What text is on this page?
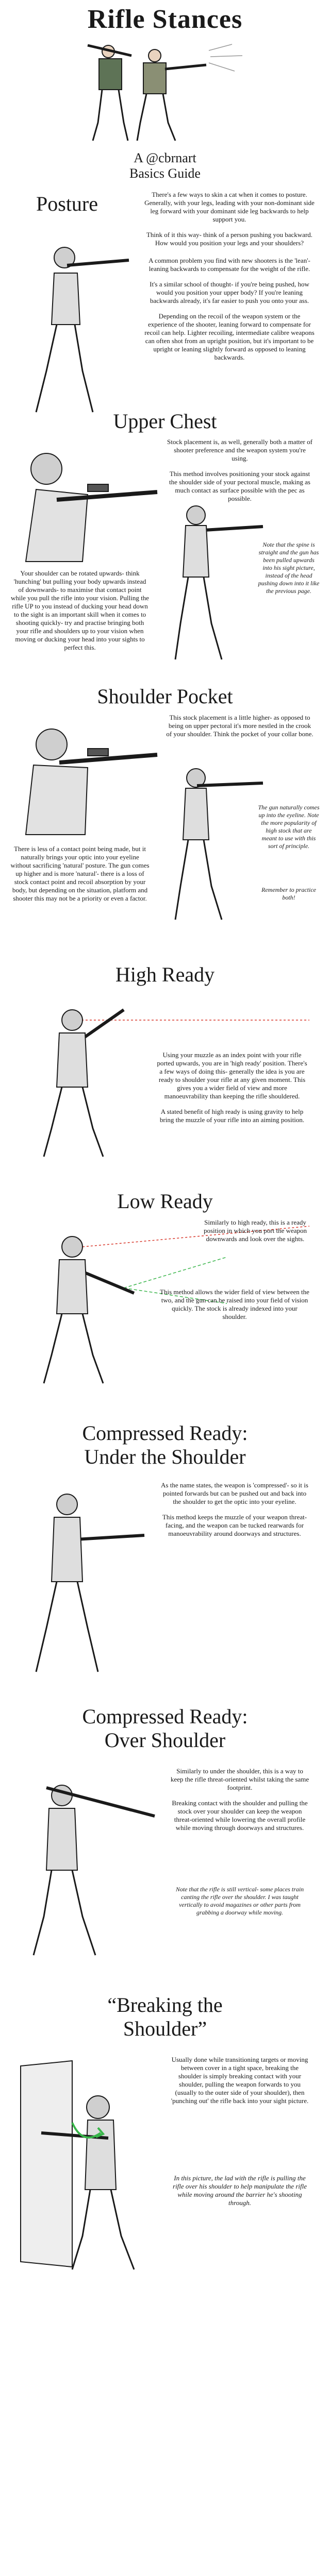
Rifle Stances
A @cbrnart
Basics Guide
Posture	There's a few ways to skin a cat when it comes to posture. Generally, with your legs, leading with your non-dominant side leg forward with your dominant side leg backwards to help support you.

Think of it this way- think of a person pushing you backward. How would you position your legs and your shoulders?

A common problem you find with new shooters is the 'lean'- leaning backwards to compensate for the weight of the rifle.

It's a similar school of thought- if you're being pushed, how would you position your upper body? If you're leaning backwards already, it's far easier to push you onto your ass.

Depending on the recoil of the weapon system or the experience of the shooter, leaning forward to compensate for recoil can help. Lighter recoiling, intermediate calibre weapons can often shot from an upright position, but it's important to be upright or leaning slightly forward as opposed to leaning backwards.

Upper Chest

Stock placement is, as well, generally both a matter of shooter preference and the weapon system you're using.

This method involves positioning your stock against the shoulder side of your pectoral muscle, making as much contact as surface possible with the pec as possible.

Your shoulder can be rotated upwards- think 'hunching' but pulling your body upwards instead of downwards- to maximise that contact point while you pull the rifle into your vision. Pulling the rifle UP to you instead of ducking your head down to the sight is an important skill when it comes to shooting quickly- try and practise bringing both your rifle and shoulders up to your vision when moving or ducking your head into your sights to perfect this.
Note that the spine is straight and the gun has been pulled upwards into his sight picture, instead of the head pushing down into it like the previous page.
Shoulder Pocket
This stock placement is a little higher- as opposed to being on upper pectoral it's more nestled in the crook of your shoulder. Think the pocket of your collar bone.
There is less of a contact point being made, but it naturally brings your optic into your eyeline without sacrificing 'natural' posture. The gun comes up higher and is more 'natural'- there is a loss of stock contact point and recoil absorption by your body, but depending on the situation, platform and shooter this may not be a priority or even a factor.
The gun naturally comes up into the eyeline. Note the more popularity of high stock that are meant to use with this sort of principle.
Remember to practice both!
High Ready

Using your muzzle as an index point with your rifle ported upwards, you are in 'high ready' position. There's a few ways of doing this- generally the idea is you are ready to shoulder your rifle at any given moment. This gives you a wider field of view and more manoeuvrability than keeping the rifle shouldered.

A stated benefit of high ready is using gravity to help bring the muzzle of your rifle into an aiming position.

Low Ready
Similarly to high ready, this is a ready position in which you port the weapon downwards and look over the sights.
This method allows the wider field of view between the two, and the gun can be raised into your field of vision quickly. The stock is already indexed into your shoulder.
Compressed Ready:
Under the Shoulder

As the name states, the weapon is 'compressed'- so it is pointed forwards but can be pushed out and back into the shoulder to get the optic into your eyeline.

This method keeps the muzzle of your weapon threat-facing, and the weapon can be tucked rearwards for manoeuvrability around doorways and structures.

Compressed Ready:
Over Shoulder

Similarly to under the shoulder, this is a way to keep the rifle threat-oriented whilst taking the same footprint.

Breaking contact with the shoulder and pulling the stock over your shoulder can keep the weapon threat-oriented while lowering the overall profile while moving through doorways and structures.

Note that the rifle is still vertical- some places train canting the rifle over the shoulder. I was taught vertically to avoid magazines or other parts from grabbing a doorway while moving.
“Breaking the
Shoulder”
Usually done while transitioning targets or moving between cover in a tight space, breaking the shoulder is simply breaking contact with your shoulder, pulling the weapon forwards to you (usually to the outer side of your shoulder), then 'punching out' the rifle back into your sight picture.
In this picture, the lad with the rifle is pulling the rifle over his shoulder to help manipulate the rifle while moving around the barrier he's shooting through.
